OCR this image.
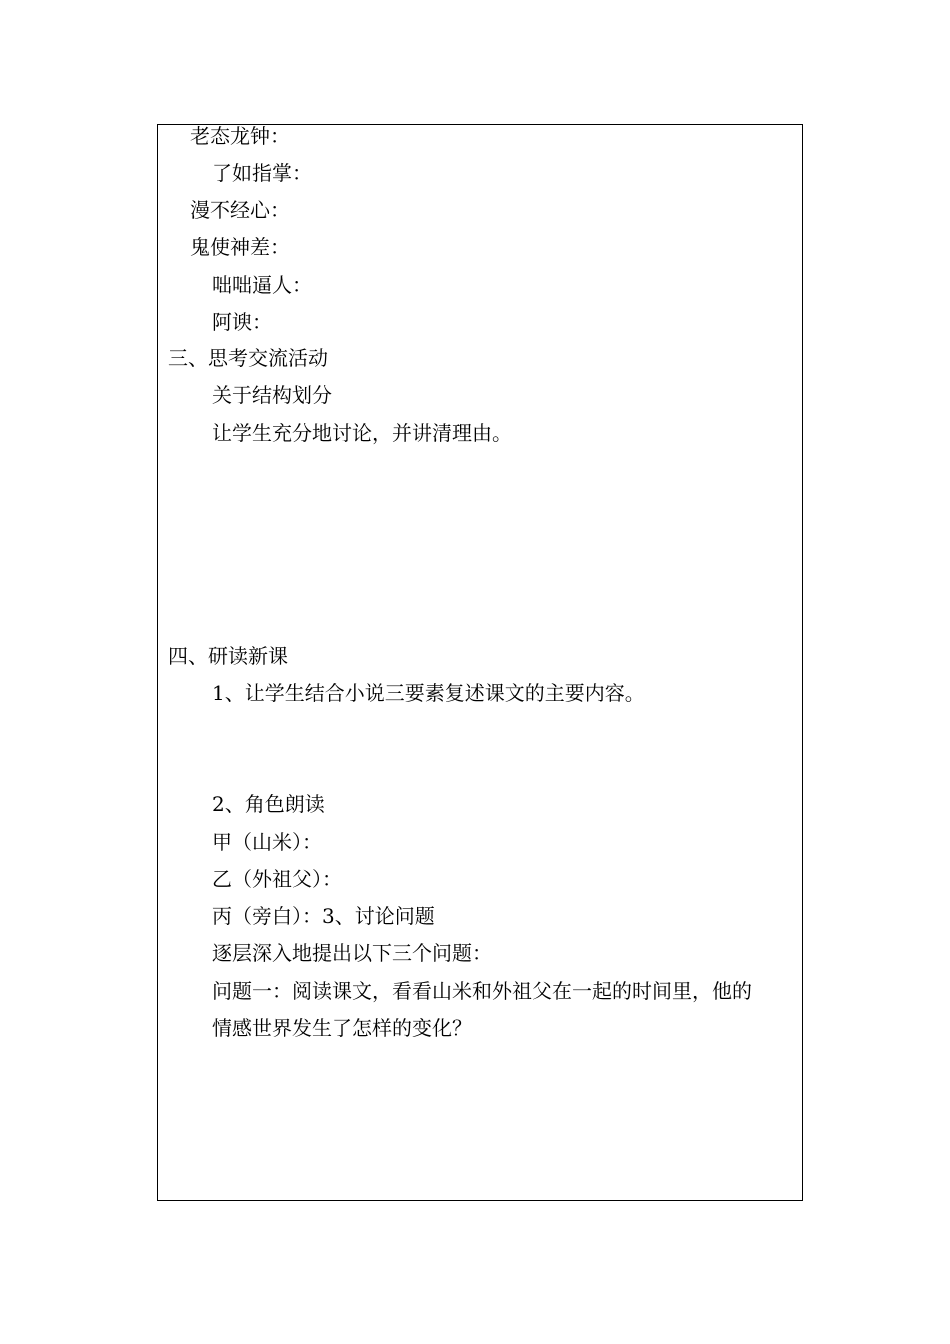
老态龙钟：
了如指掌：
漫不经心：
鬼使神差：
咄咄逼人：
阿谀：
三、思考交流活动
关于结构划分
让学生充分地讨论，并讲清理由。
四、研读新课
1、让学生结合小说三要素复述课文的主要内容。
2、角色朗读
甲（山米）：
乙（外祖父）：
丙（旁白）：3、讨论问题
逐层深入地提出以下三个问题：
问题一：阅读课文，看看山米和外祖父在一起的时间里，他的
情感世界发生了怎样的变化？
